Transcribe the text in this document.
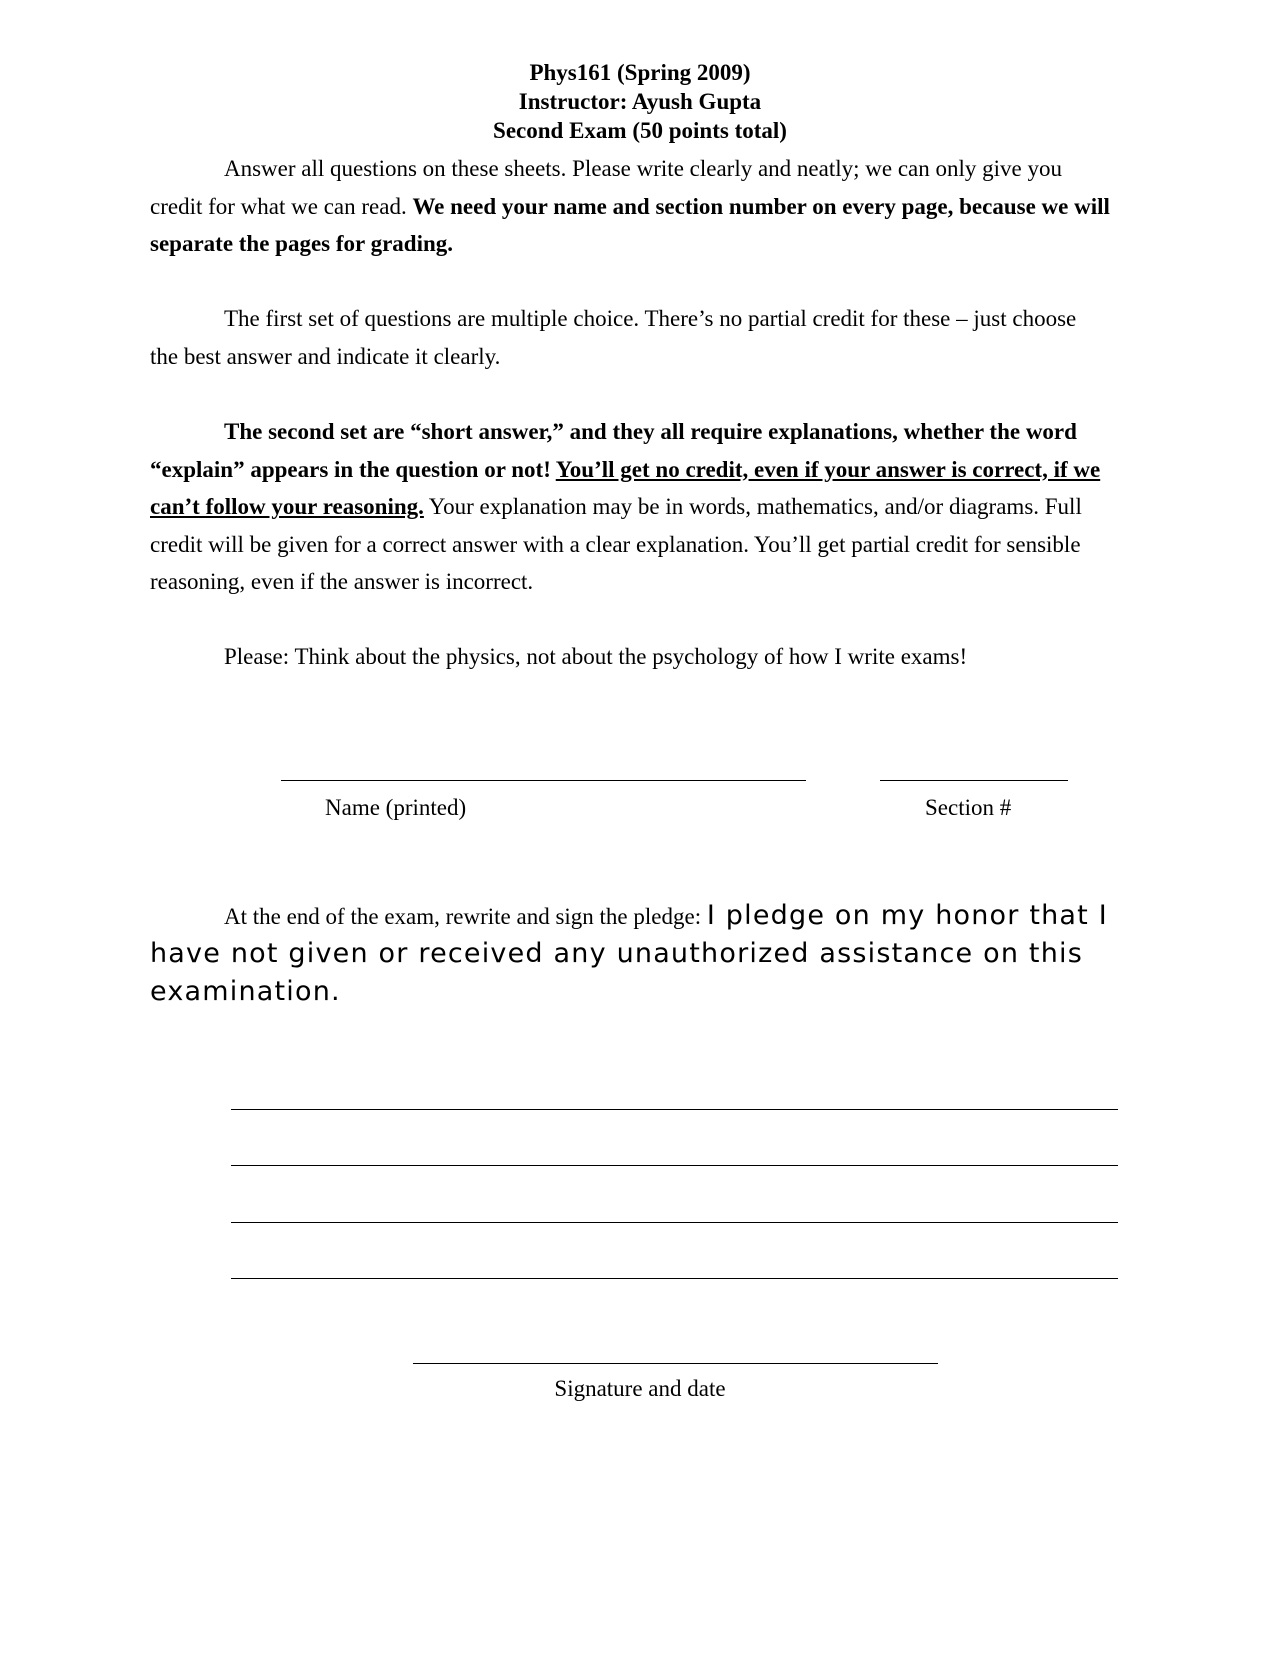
Phys161 (Spring 2009)
Instructor: Ayush Gupta
Second Exam (50 points total)
Answer all questions on these sheets. Please write clearly and neatly; we can only give you credit for what we can read. We need your name and section number on every page, because we will separate the pages for grading.
The first set of questions are multiple choice. There’s no partial credit for these – just choose the best answer and indicate it clearly.
The second set are “short answer,” and they all require explanations, whether the word “explain” appears in the question or not! You’ll get no credit, even if your answer is correct, if we can’t follow your reasoning. Your explanation may be in words, mathematics, and/or diagrams. Full credit will be given for a correct answer with a clear explanation. You’ll get partial credit for sensible reasoning, even if the answer is incorrect.
Please: Think about the physics, not about the psychology of how I write exams!
Name (printed)	Section #
At the end of the exam, rewrite and sign the pledge: I pledge on my honor that I have not given or received any unauthorized assistance on this examination.
Signature and date
